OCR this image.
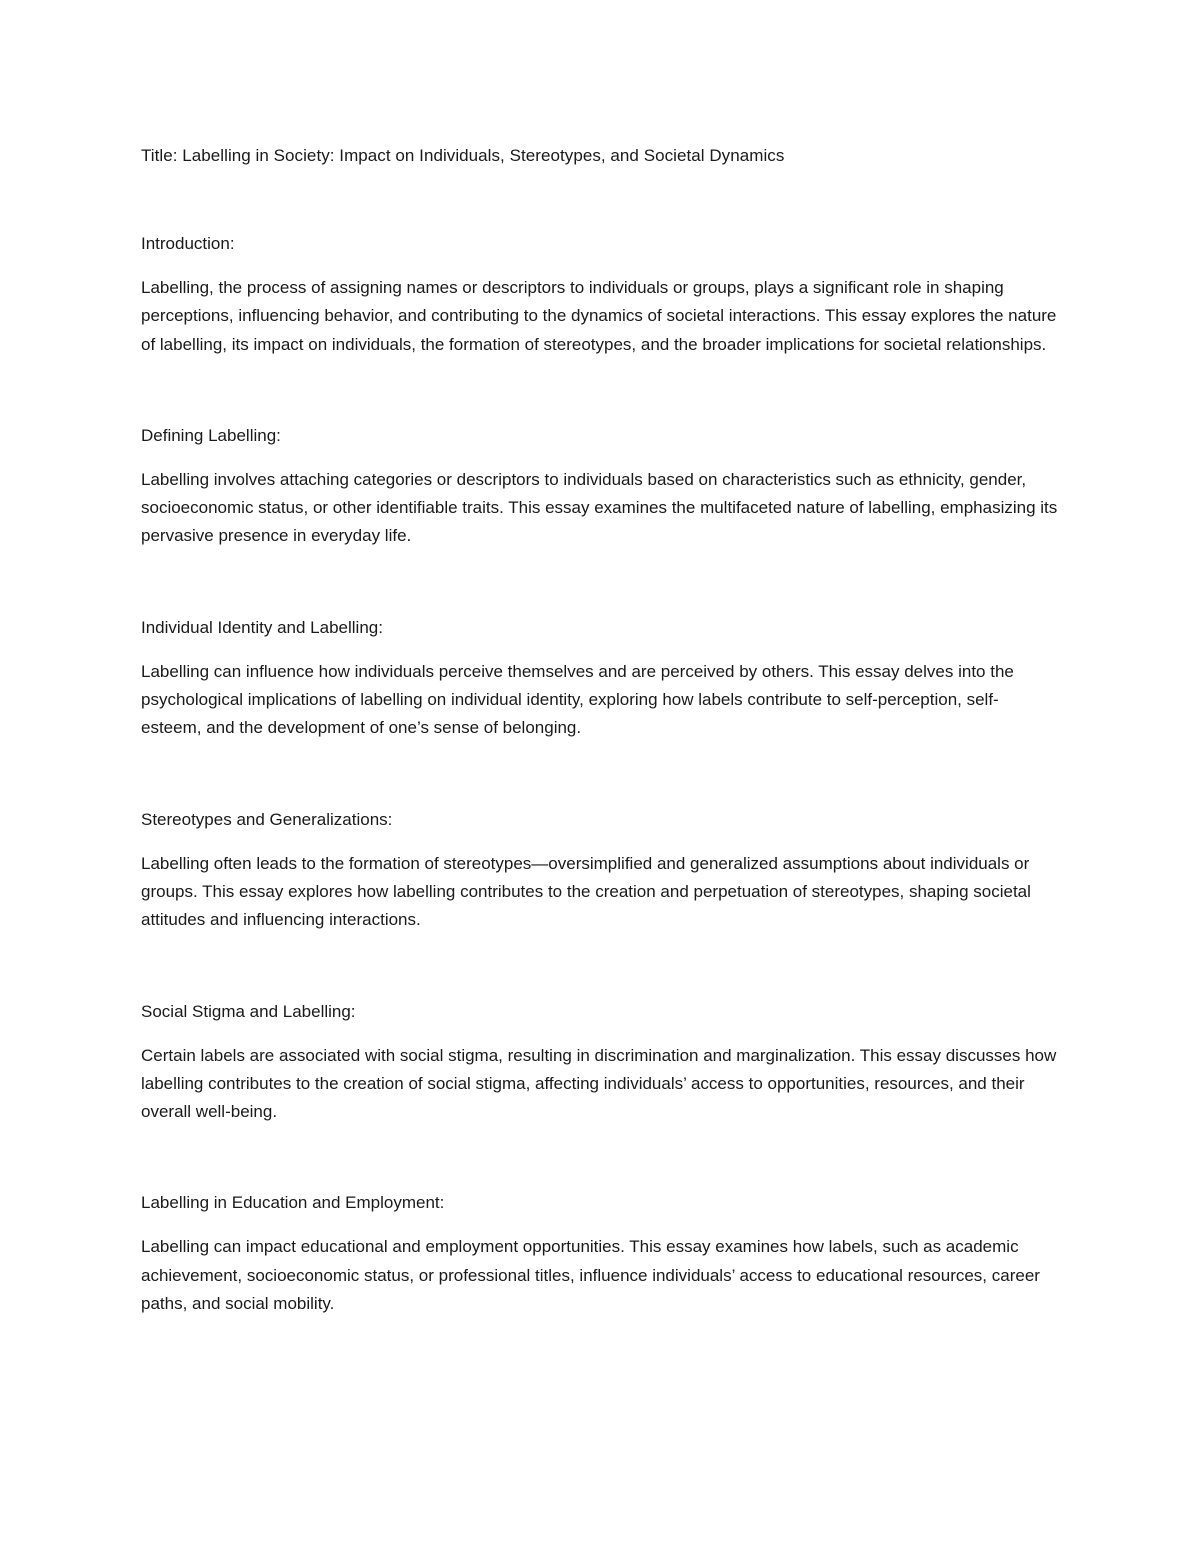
Title: Labelling in Society: Impact on Individuals, Stereotypes, and Societal Dynamics

Introduction:

Labelling, the process of assigning names or descriptors to individuals or groups, plays a significant role in shaping perceptions, influencing behavior, and contributing to the dynamics of societal interactions. This essay explores the nature of labelling, its impact on individuals, the formation of stereotypes, and the broader implications for societal relationships.

Defining Labelling:

Labelling involves attaching categories or descriptors to individuals based on characteristics such as ethnicity, gender, socioeconomic status, or other identifiable traits. This essay examines the multifaceted nature of labelling, emphasizing its pervasive presence in everyday life.

Individual Identity and Labelling:

Labelling can influence how individuals perceive themselves and are perceived by others. This essay delves into the psychological implications of labelling on individual identity, exploring how labels contribute to self-perception, self-esteem, and the development of one’s sense of belonging.

Stereotypes and Generalizations:

Labelling often leads to the formation of stereotypes—oversimplified and generalized assumptions about individuals or groups. This essay explores how labelling contributes to the creation and perpetuation of stereotypes, shaping societal attitudes and influencing interactions.

Social Stigma and Labelling:

Certain labels are associated with social stigma, resulting in discrimination and marginalization. This essay discusses how labelling contributes to the creation of social stigma, affecting individuals’ access to opportunities, resources, and their overall well-being.

Labelling in Education and Employment:

Labelling can impact educational and employment opportunities. This essay examines how labels, such as academic achievement, socioeconomic status, or professional titles, influence individuals’ access to educational resources, career paths, and social mobility.
